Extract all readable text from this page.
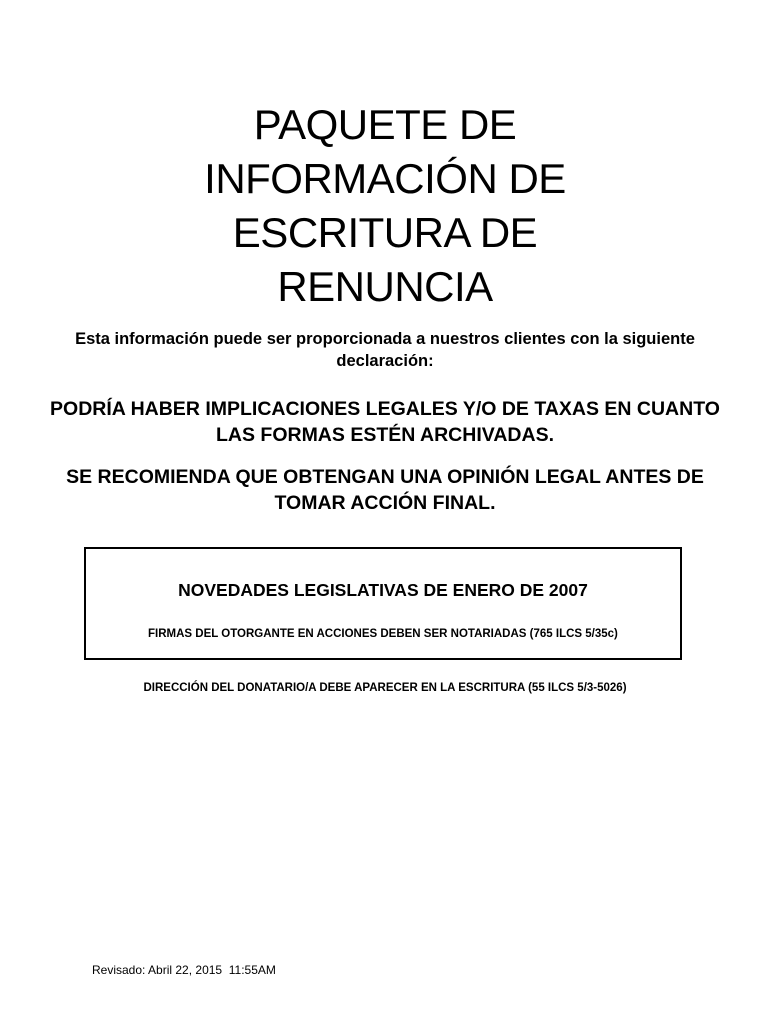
PAQUETE DE
INFORMACIÓN DE
ESCRITURA DE
RENUNCIA

Esta información puede ser proporcionada a nuestros clientes con la siguiente declaración:

PODRÍA HABER IMPLICACIONES LEGALES Y/O DE TAXAS EN CUANTO LAS FORMAS ESTÉN ARCHIVADAS.

SE RECOMIENDA QUE OBTENGAN UNA OPINIÓN LEGAL ANTES DE TOMAR ACCIÓN FINAL.

NOVEDADES LEGISLATIVAS DE ENERO DE 2007

FIRMAS DEL OTORGANTE EN ACCIONES DEBEN SER NOTARIADAS (765 ILCS 5/35c)

DIRECCIÓN DEL DONATARIO/A DEBE APARECER EN LA ESCRITURA (55 ILCS 5/3-5026)

Revisado: Abril 22, 2015  11:55AM
